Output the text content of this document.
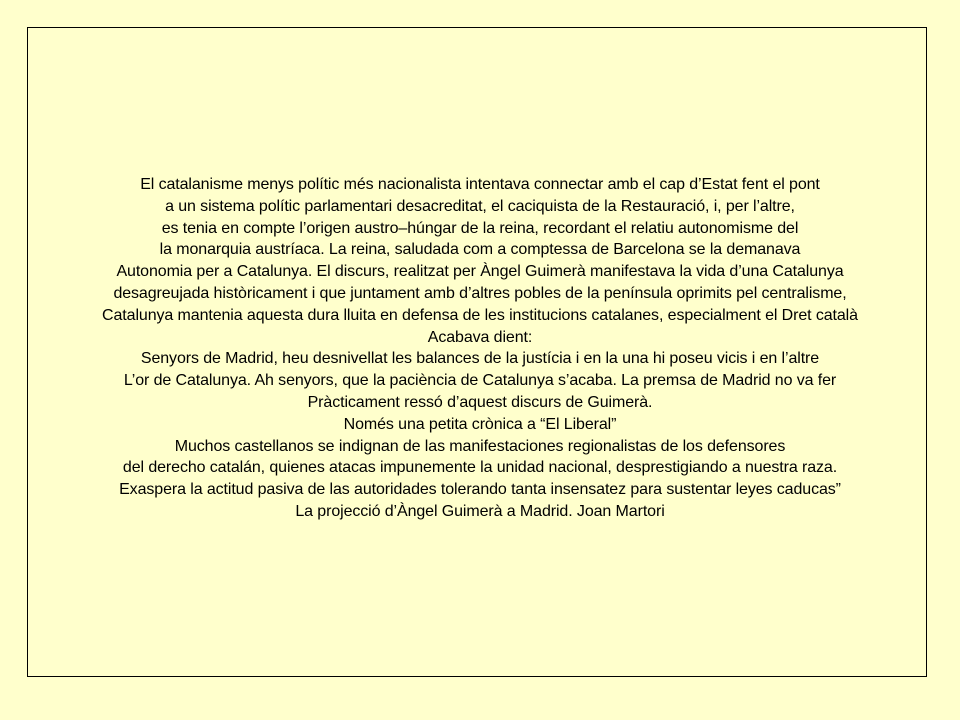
El catalanisme menys polític més nacionalista intentava connectar amb el cap d’Estat fent el pont
a un sistema polític parlamentari desacreditat, el caciquista de la Restauració, i, per l’altre,
es tenia en compte l’origen austro–húngar de la reina, recordant el relatiu autonomisme del
la monarquia austríaca. La reina, saludada com a comptessa de Barcelona se la demanava
Autonomia per a Catalunya. El discurs, realitzat per Àngel Guimerà manifestava la vida d’una Catalunya
desagreujada històricament i que juntament amb d’altres pobles de la península oprimits pel centralisme,
Catalunya mantenia aquesta dura lluita en defensa de les institucions catalanes, especialment el Dret català
Acabava dient:
Senyors de Madrid, heu desnivellat les balances de la justícia i en la una hi poseu vicis i en l’altre
L’or de Catalunya. Ah senyors, que la paciència de Catalunya s’acaba. La premsa de Madrid no va fer
Pràcticament ressó d’aquest discurs de Guimerà.
Només una petita crònica a “El Liberal”
Muchos castellanos se indignan de las manifestaciones regionalistas de los defensores
del derecho catalán, quienes atacas impunemente la unidad nacional, desprestigiando a nuestra raza.
Exaspera la actitud pasiva de las autoridades tolerando tanta insensatez para sustentar leyes caducas”
La projecció d’Àngel Guimerà a Madrid. Joan Martori
